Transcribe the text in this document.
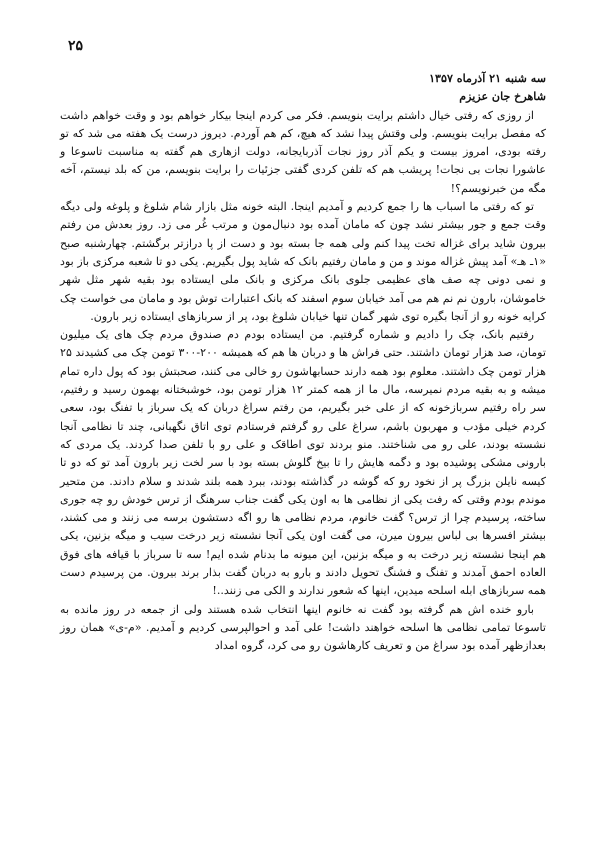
۲۵

سه شنبه ۲۱ آذرماه ۱۳۵۷

شاهرخ جان عزیزم

از روزی که رفتی خیال داشتم برایت بنویسم. فکر می کردم اینجا بیکار خواهم بود و وقت خواهم داشت که مفصل برایت بنویسم. ولی وقتش پیدا نشد که هیچ، کم هم آوردم. دیروز درست یک هفته می شد که تو رفته بودی، امروز بیست و یکم آذر روز نجات آذربایجانه، دولت ازهاری هم گفته به مناسبت تاسوعا و عاشورا نجات بی نجات! پریشب هم که تلفن کردی گفتی جزئیات را برایت بنویسم، من که بلد نیستم، آخه مگه من خبرنویسم؟!

تو که رفتی ما اسباب ها را جمع کردیم و آمدیم اینجا. البته خونه مثل بازار شام شلوغ و پلوغه ولی دیگه وقت جمع و جور بیشتر نشد چون که مامان آمده بود دنبال‌مون و مرتب غُر می زد. روز بعدش من رفتم بیرون شاید برای غزاله تخت پیدا کنم ولی همه جا بسته بود و دست از پا درازتر برگشتم. چهارشنبه صبح «۱ـ هـ» آمد پیش غزاله موند و من و مامان رفتیم بانک که شاید پول بگیریم. یکی دو تا شعبه مرکزی باز بود و نمی دونی چه صف های عظیمی جلوی بانک مرکزی و بانک ملی ایستاده بود بقیه شهر مثل شهر خاموشان، بارون نم نم هم می آمد خیابان سوم اسفند که بانک اعتبارات توش بود و مامان می خواست چک کرایه خونه رو از آنجا بگیره توی شهر گمان تنها خیابان شلوغ بود، پر از سربازهای ایستاده زیر بارون.

رفتیم بانک، چک را دادیم و شماره گرفتیم. من ایستاده بودم دم صندوق مردم چک های یک میلیون تومان، صد هزار تومان داشتند. حتی فراش ها و دربان ها هم که همیشه ۲۰۰-۳۰۰ تومن چک می کشیدند ۲۵ هزار تومن چک داشتند. معلوم بود همه دارند حسابهاشون رو خالی می کنند، صحبتش بود که پول داره تمام میشه و به بقیه مردم نمیرسه، مال ما از همه کمتر ۱۲ هزار تومن بود، خوشبختانه بهمون رسید و رفتیم، سر راه رفتیم سربازخونه که از علی خبر بگیریم، من رفتم سراغ دربان که یک سرباز با تفنگ بود، سعی کردم خیلی مؤدب و مهربون باشم، سراغ علی رو گرفتم فرستادم توی اتاق نگهبانی، چند تا نظامی آنجا نشسته بودند، علی رو می شناختند. منو بردند توی اطاقک و علی رو با تلفن صدا کردند. یک مردی که بارونی مشکی پوشیده بود و دگمه هایش را تا بیخ گلوش بسته بود با سر لخت زیر بارون آمد تو که دو تا کیسه نایلن بزرگ پر از نخود رو که گوشه در گذاشته بودند، ببرد همه بلند شدند و سلام دادند. من متحیر موندم بودم وقتی که رفت یکی از نظامی ها به اون یکی گفت جناب سرهنگ از ترس خودش رو چه جوری ساخته، پرسیدم چرا از ترس؟ گفت خانوم، مردم نظامی ها رو اگه دستشون برسه می زنند و می کشند، بیشتر افسرها بی لباس بیرون میرن، می گفت اون یکی آنجا نشسته زیر درخت سیب و میگه بزنین، یکی هم اینجا نشسته زیر درخت به و میگه بزنین، این میونه ما بدنام شده ایم! سه تا سرباز با قیافه های فوق العاده احمق آمدند و تفنگ و فشنگ تحویل دادند و بارو به دربان گفت بذار برند بیرون. من پرسیدم دست همه سربازهای ابله اسلحه میدین، اینها که شعور ندارند و الکی می زنند..!

بارو خنده اش هم گرفته بود گفت نه خانوم اینها انتخاب شده هستند ولی از جمعه در روز مانده به تاسوعا تمامی نظامی ها اسلحه خواهند داشت! علی آمد و احوالپرسی کردیم و آمدیم. «م-ی» همان روز بعدازظهر آمده بود سراغ من و تعریف کارهاشون رو می کرد، گروه امداد
